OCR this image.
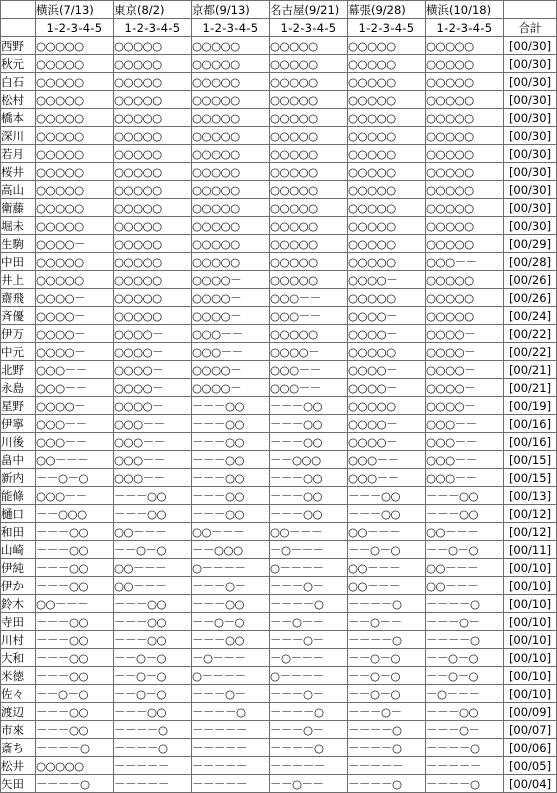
	横浜(7/13)	東京(8/2)	京都(9/13)	名古屋(9/21)	幕張(9/28)	横浜(10/18)	
	1-2-3-4-5	1-2-3-4-5	1-2-3-4-5	1-2-3-4-5	1-2-3-4-5	1-2-3-4-5	合計
西野	○○○○○	○○○○○	○○○○○	○○○○○	○○○○○	○○○○○	[00/30]
秋元	○○○○○	○○○○○	○○○○○	○○○○○	○○○○○	○○○○○	[00/30]
白石	○○○○○	○○○○○	○○○○○	○○○○○	○○○○○	○○○○○	[00/30]
松村	○○○○○	○○○○○	○○○○○	○○○○○	○○○○○	○○○○○	[00/30]
橋本	○○○○○	○○○○○	○○○○○	○○○○○	○○○○○	○○○○○	[00/30]
深川	○○○○○	○○○○○	○○○○○	○○○○○	○○○○○	○○○○○	[00/30]
若月	○○○○○	○○○○○	○○○○○	○○○○○	○○○○○	○○○○○	[00/30]
桜井	○○○○○	○○○○○	○○○○○	○○○○○	○○○○○	○○○○○	[00/30]
高山	○○○○○	○○○○○	○○○○○	○○○○○	○○○○○	○○○○○	[00/30]
衛藤	○○○○○	○○○○○	○○○○○	○○○○○	○○○○○	○○○○○	[00/30]
堀未	○○○○○	○○○○○	○○○○○	○○○○○	○○○○○	○○○○○	[00/30]
生駒	○○○○－	○○○○○	○○○○○	○○○○○	○○○○○	○○○○○	[00/29]
中田	○○○○○	○○○○○	○○○○○	○○○○○	○○○○○	○○○－－	[00/28]
井上	○○○○○	○○○○○	○○○○－	○○○○○	○○○○－	○○○○○	[00/26]
齋飛	○○○○－	○○○○○	○○○○－	○○○－－	○○○○○	○○○○○	[00/26]
斉優	○○○○－	○○○○○	○○○○－	○○○－－	○○○○－	○○○○○	[00/24]
伊万	○○○○－	○○○○－	○○○－－	○○○○○	○○○○－	○○○○－	[00/22]
中元	○○○○－	○○○○－	○○○－－	○○○○－	○○○○○	○○○○－	[00/22]
北野	○○○－－	○○○○－	○○○○－	○○○－－	○○○○－	○○○○－	[00/21]
永島	○○○－－	○○○○－	○○○○－	○○○－－	○○○○－	○○○○－	[00/21]
星野	○○○○－	○○○○－	－－－○○	－－－○○	○○○○○	○○○○－	[00/19]
伊寧	○○○－－	○○○－－	－－－○○	－－－○○	○○○○－	○○○－－	[00/16]
川後	○○○－－	○○○－－	－－－○○	－－－○○	○○○○－	○○○－－	[00/16]
畠中	○○－－－	○○○－－	－－－○○	－－○○○	○○○－－	○○○－－	[00/15]
新内	－－○－○	○○○－－	－－－○○	－－－○○	○○○－－	○○○－－	[00/15]
能條	○○○－－	－－－○○	－－－○○	－－－○○	－－－○○	－－－○○	[00/13]
樋口	－－○○○	－－－○○	－－－○○	－－－○○	－－－○○	－－－○○	[00/12]
和田	－－－○○	○○－－－	○○－－－	○○－－－	○○－－－	○○－－－	[00/12]
山崎	－－－○○	－－○－○	－－○○○	－○－－－	－－○－○	－－○－○	[00/11]
伊純	－－－○○	○○－－－	○－－－－	○－－－－	○○－－－	○○－－－	[00/10]
伊か	－－－○○	○○－－－	－－－○－	－－－○－	○○－－－	○○－－－	[00/10]
鈴木	○○－－－	－－－○○	－－－○○	－－－－○	－－－－○	－－－－○	[00/10]
寺田	－－－○○	－－－○○	－－○－○	－－○－－	－－○－－	－－－○－	[00/10]
川村	－－－○○	－－－○○	－－－○○	－－－○－	－－－－○	－－－－○	[00/10]
大和	－－－○○	－－○－○	－○－－－	－○－－－	－－○－○	－－○－○	[00/10]
米徳	－－－○○	－－○－○	○－－－－	○－－－－	－－○－○	－－○－○	[00/10]
佐々	－－○－○	－－○－○	－－－○－	－－－○－	－－○－○	－○－－－	[00/10]
渡辺	－－－○○	－－－○○	－－－－○	－－－－○	－－－○－	－－－○○	[00/09]
市來	－－－○○	－－－－○	－－－－－	－－－○－	－－－－○	－－－○－	[00/07]
斎ち	－－－－○	－－－－○	－－－－－	－－－－○	－－－－○	－－－－○	[00/06]
松井	○○○○○	－－－－－	－－－－－	－－－－－	－－－－－	－－－－－	[00/05]
矢田	－－－－○	－－－－－	－－－－－	－－○－－	－－－－○	－－－－○	[00/04]
